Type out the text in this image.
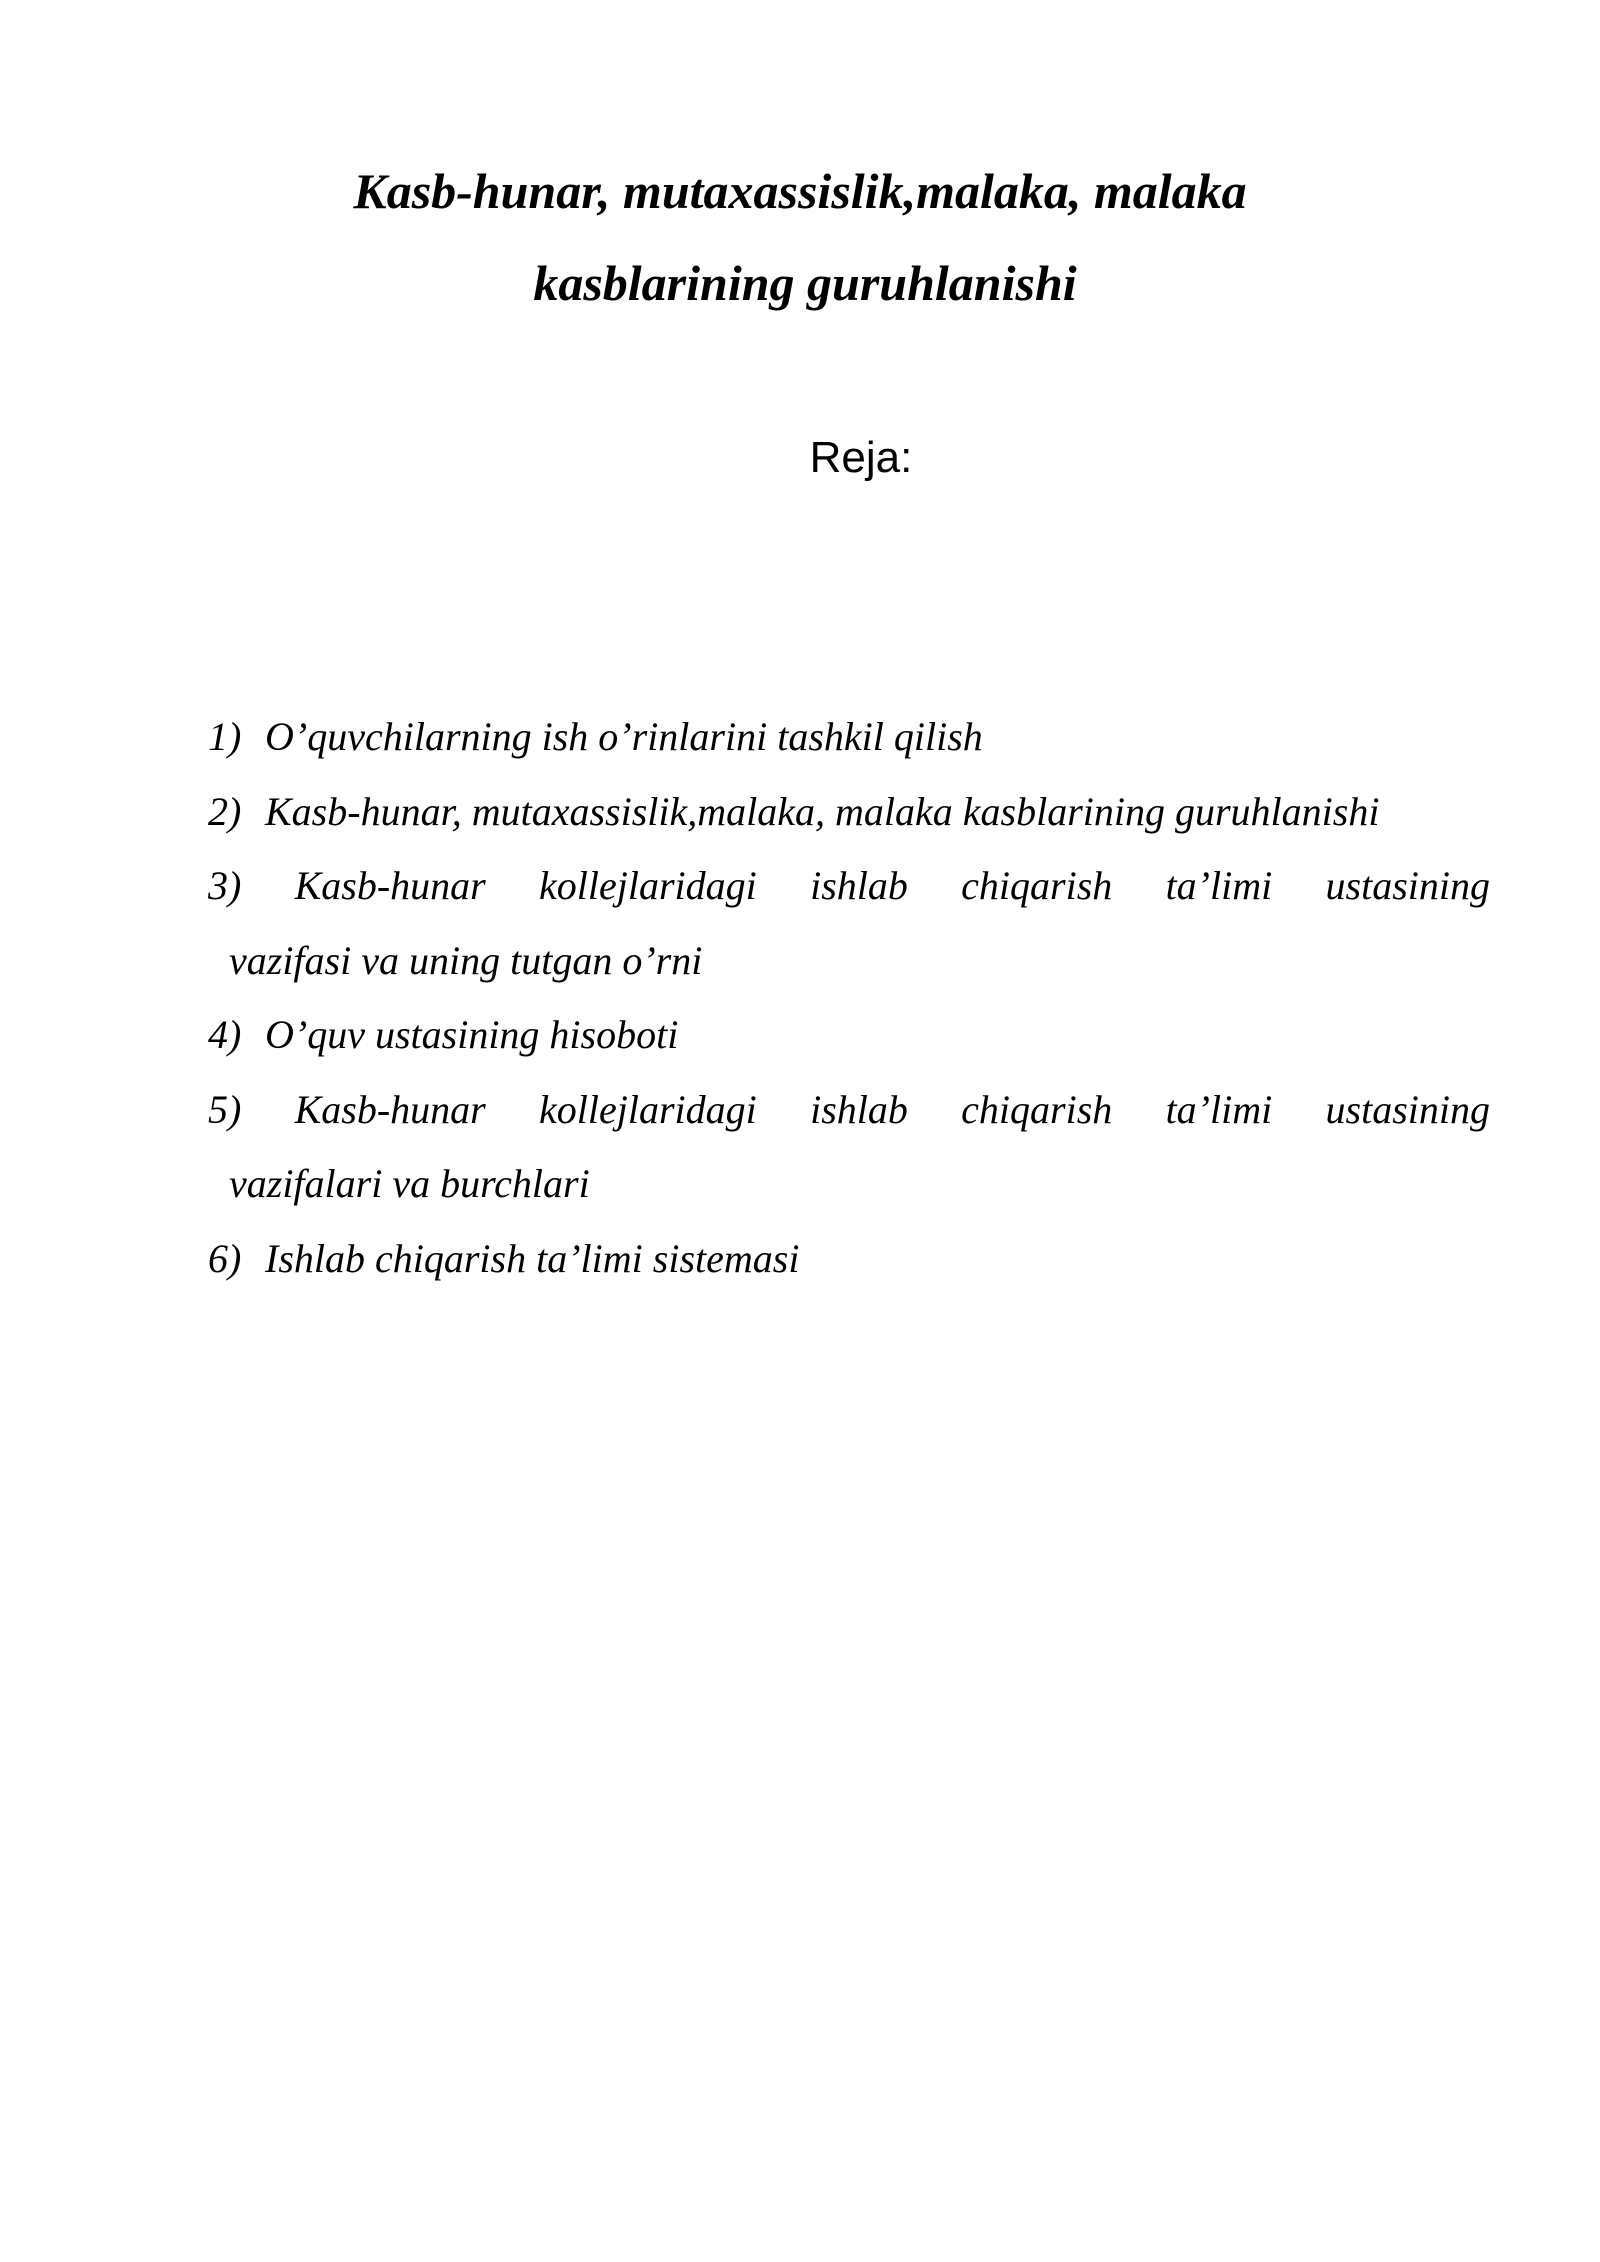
Kasb-hunar, mutaxassislik,malaka, malaka
kasblarining guruhlanishi

Reja:

1) O’quvchilarning ish o’rinlarini tashkil qilish
2) Kasb-hunar, mutaxassislik,malaka, malaka kasblarining guruhlanishi
3) Kasb-hunar kollejlaridagi ishlab chiqarish ta’limi ustasining
vazifasi va uning tutgan o’rni
4) O’quv ustasining hisoboti
5) Kasb-hunar kollejlaridagi ishlab chiqarish ta’limi ustasining
vazifalari va burchlari
6) Ishlab chiqarish ta’limi sistemasi
